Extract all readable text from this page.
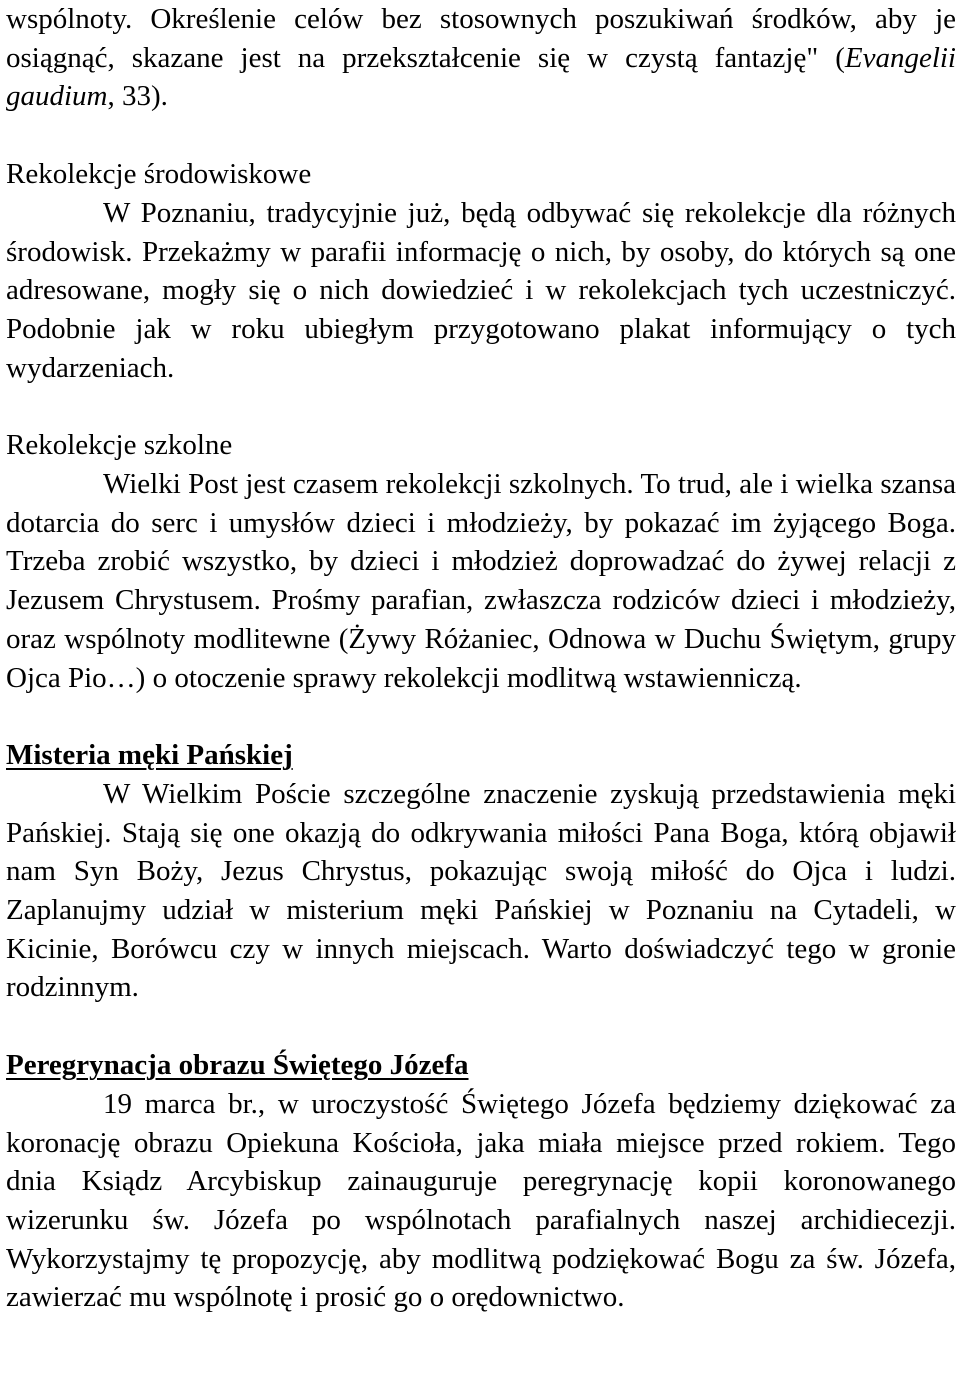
wspólnoty. Określenie celów bez stosownych poszukiwań środków, aby je osiągnąć, skazane jest na przekształcenie się w czystą fantazję" (Evangelii gaudium, 33).

Rekolekcje środowiskowe

W Poznaniu, tradycyjnie już, będą odbywać się rekolekcje dla różnych środowisk. Przekażmy w parafii informację o nich, by osoby, do których są one adresowane, mogły się o nich dowiedzieć i w rekolekcjach tych uczestniczyć. Podobnie jak w roku ubiegłym przygotowano plakat informujący o tych wydarzeniach.

Rekolekcje szkolne

Wielki Post jest czasem rekolekcji szkolnych. To trud, ale i wielka szansa dotarcia do serc i umysłów dzieci i młodzieży, by pokazać im żyjącego Boga. Trzeba zrobić wszystko, by dzieci i młodzież doprowadzać do żywej relacji z Jezusem Chrystusem. Prośmy parafian, zwłaszcza rodziców dzieci i młodzieży, oraz wspólnoty modlitewne (Żywy Różaniec, Odnowa w Duchu Świętym, grupy Ojca Pio…) o otoczenie sprawy rekolekcji modlitwą wstawienniczą.

Misteria męki Pańskiej

W Wielkim Poście szczególne znaczenie zyskują przedstawienia męki Pańskiej. Stają się one okazją do odkrywania miłości Pana Boga, którą objawił nam Syn Boży, Jezus Chrystus, pokazując swoją miłość do Ojca i ludzi. Zaplanujmy udział w misterium męki Pańskiej w Poznaniu na Cytadeli, w Kicinie, Borówcu czy w innych miejscach. Warto doświadczyć tego w gronie rodzinnym.

Peregrynacja obrazu Świętego Józefa

19 marca br., w uroczystość Świętego Józefa będziemy dziękować za koronację obrazu Opiekuna Kościoła, jaka miała miejsce przed rokiem. Tego dnia Ksiądz Arcybiskup zainauguruje peregrynację kopii koronowanego wizerunku św. Józefa po wspólnotach parafialnych naszej archidiecezji. Wykorzystajmy tę propozycję, aby modlitwą podziękować Bogu za św. Józefa, zawierzać mu wspólnotę i prosić go o orędownictwo.
